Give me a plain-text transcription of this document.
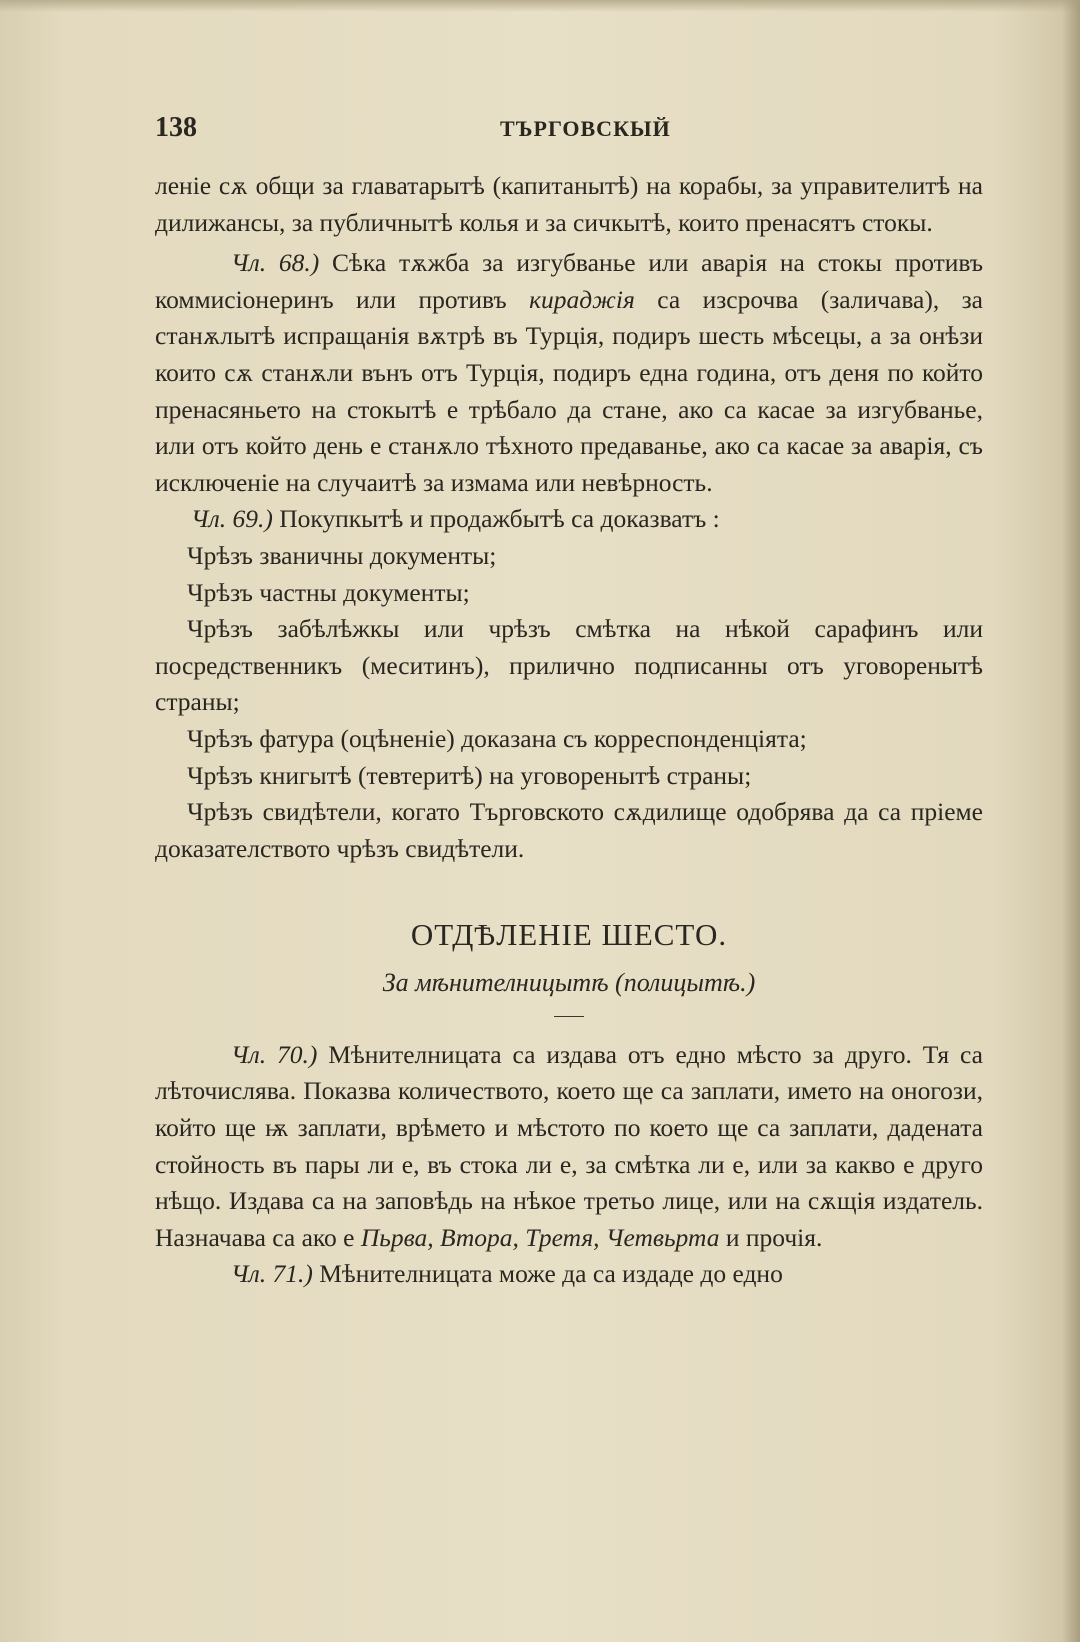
138	ТЪРГОВСКЫЙ

леніе сѫ общи за главатарытѣ (капитанытѣ) на корабы, за управителитѣ на дилижансы, за публичнытѣ колья и за сичкытѣ, които пренасятъ стокы.

Чл. 68.) Сѣка тѫжба за изгубванье или аварія на стокы противъ коммисіонеринъ или противъ кираджія са изсрочва (заличава), за станѫлытѣ испращанія вѫтрѣ въ Турція, подиръ шесть мѣсецы, а за онѣзи които сѫ станѫли вънъ отъ Турція, подиръ една година, отъ деня по който пренасяньето на стокытѣ е трѣбало да стане, ако са касае за изгубванье, или отъ който день е станѫло тѣхното предаванье, ако са касае за аварія, съ исключеніе на случаитѣ за измама или невѣрность.

Чл. 69.) Покупкытѣ и продажбытѣ са доказватъ :

Чрѣзъ званичны документы;

Чрѣзъ частны документы;

Чрѣзъ забѣлѣжкы или чрѣзъ смѣтка на нѣкой сарафинъ или посредственникъ (меситинъ), прилично подписанны отъ уговоренытѣ страны;

Чрѣзъ фатура (оцѣненіе) доказана съ корреспонденціята;

Чрѣзъ книгытѣ (тевтеритѣ) на уговоренытѣ страны;

Чрѣзъ свидѣтели, когато Търговското сѫдилище одобрява да са пріеме доказателството чрѣзъ свидѣтели.

ОТДѢЛЕНІЕ ШЕСТО.

За мѣнителницытѣ (полицытѣ.)

Чл. 70.) Мѣнителницата са издава отъ едно мѣсто за друго. Тя са лѣточислява. Показва количеството, което ще са заплати, името на оногози, който ще ѭ заплати, врѣмето и мѣстото по което ще са заплати, дадената стойность въ пары ли е, въ стока ли е, за смѣтка ли е, или за какво е друго нѣщо. Издава са на заповѣдь на нѣкое третьо лице, или на сѫщія издатель. Назначава са ако е Пьрва, Втора, Третя, Четвьрта и прочія.

Чл. 71.) Мѣнителницата може да са издаде до едно
